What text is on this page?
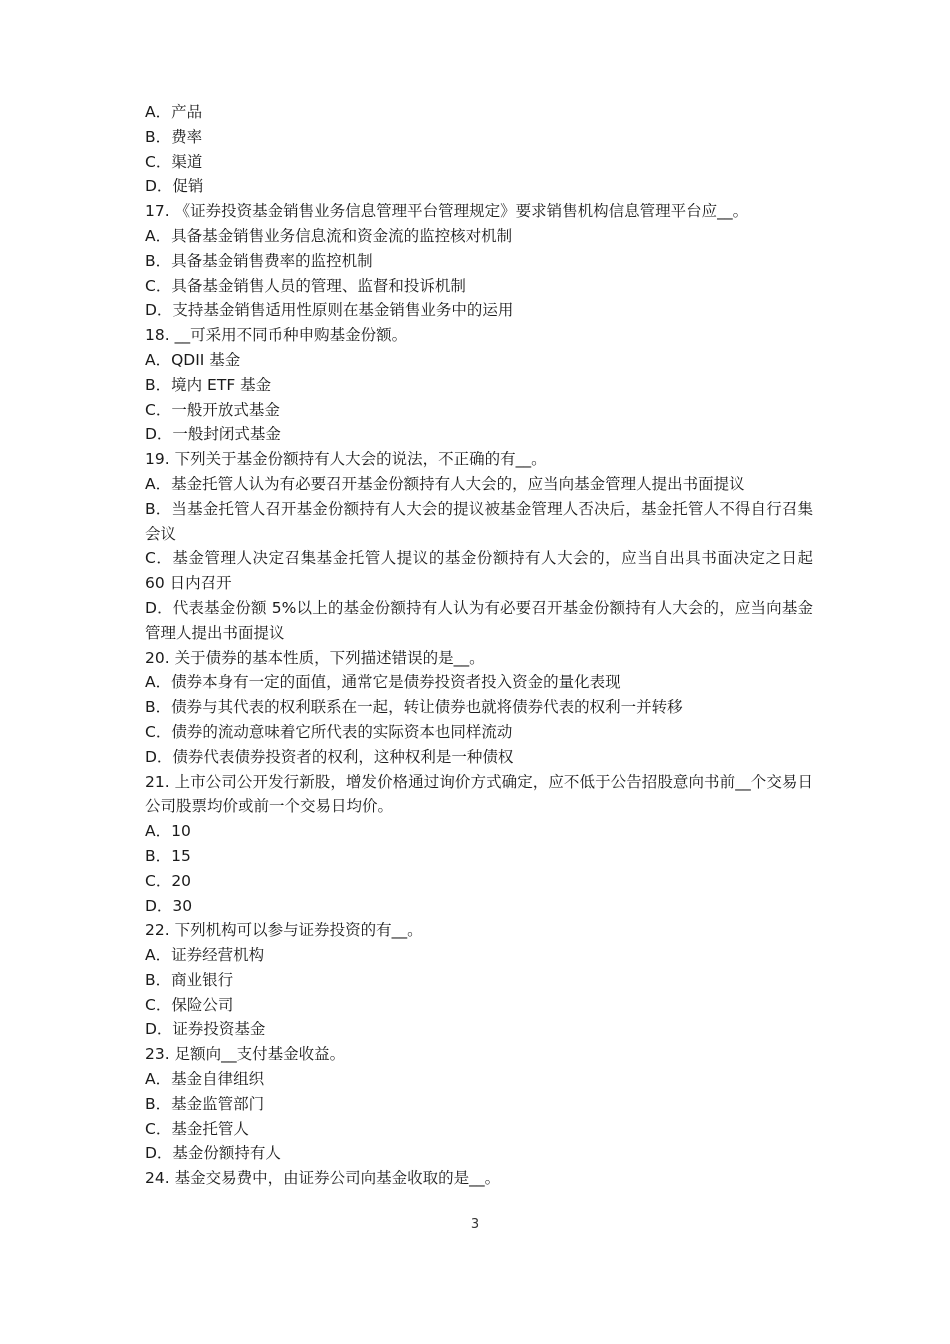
A．产品
B．费率
C．渠道
D．促销
17. 《证券投资基金销售业务信息管理平台管理规定》要求销售机构信息管理平台应__。
A．具备基金销售业务信息流和资金流的监控核对机制
B．具备基金销售费率的监控机制
C．具备基金销售人员的管理、监督和投诉机制
D．支持基金销售适用性原则在基金销售业务中的运用
18. __可采用不同币种申购基金份额。
A．QDII 基金
B．境内 ETF 基金
C．一般开放式基金
D．一般封闭式基金
19. 下列关于基金份额持有人大会的说法，不正确的有__。
A．基金托管人认为有必要召开基金份额持有人大会的，应当向基金管理人提出书面提议
B．当基金托管人召开基金份额持有人大会的提议被基金管理人否决后，基金托管人不得自行召集会议
C．基金管理人决定召集基金托管人提议的基金份额持有人大会的，应当自出具书面决定之日起 60 日内召开
D．代表基金份额 5%以上的基金份额持有人认为有必要召开基金份额持有人大会的，应当向基金管理人提出书面提议
20. 关于债券的基本性质，下列描述错误的是__。
A．债券本身有一定的面值，通常它是债券投资者投入资金的量化表现
B．债券与其代表的权利联系在一起，转让债券也就将债券代表的权利一并转移
C．债券的流动意味着它所代表的实际资本也同样流动
D．债券代表债券投资者的权利，这种权利是一种债权
21. 上市公司公开发行新股，增发价格通过询价方式确定，应不低于公告招股意向书前__个交易日公司股票均价或前一个交易日均价。
A．10
B．15
C．20
D．30
22. 下列机构可以参与证券投资的有__。
A．证券经营机构
B．商业银行
C．保险公司
D．证券投资基金
23. 足额向__支付基金收益。
A．基金自律组织
B．基金监管部门
C．基金托管人
D．基金份额持有人
24. 基金交易费中，由证券公司向基金收取的是__。
3
